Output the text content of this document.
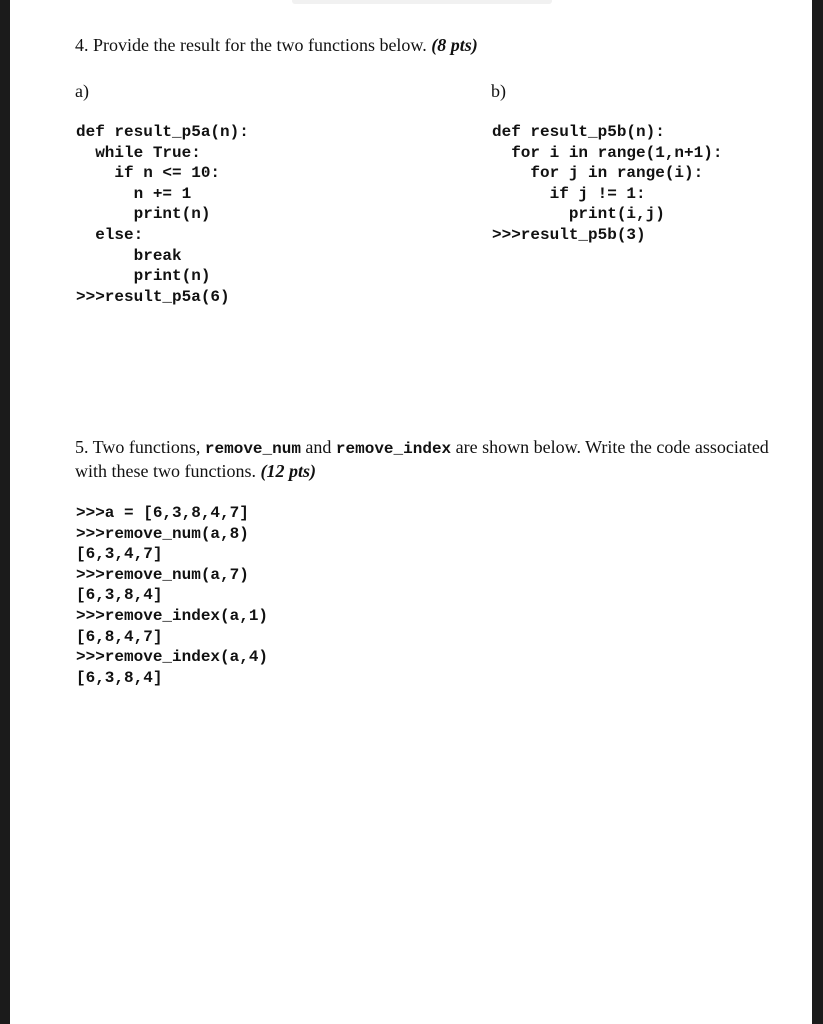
4. Provide the result for the two functions below. (8 pts)
a)	b)
def result_p5a(n):
while True:
if n <= 10:
n += 1
print(n)
else:
break
print(n)
>>>result_p5a(6)
def result_p5b(n):
for i in range(1,n+1):
for j in range(i):
if j != 1:
print(i,j)
>>>result_p5b(3)
5. Two functions, remove_num and remove_index are shown below. Write the code associated with these two functions. (12 pts)
>>>a = [6,3,8,4,7]
>>>remove_num(a,8)
[6,3,4,7]
>>>remove_num(a,7)
[6,3,8,4]
>>>remove_index(a,1)
[6,8,4,7]
>>>remove_index(a,4)
[6,3,8,4]
